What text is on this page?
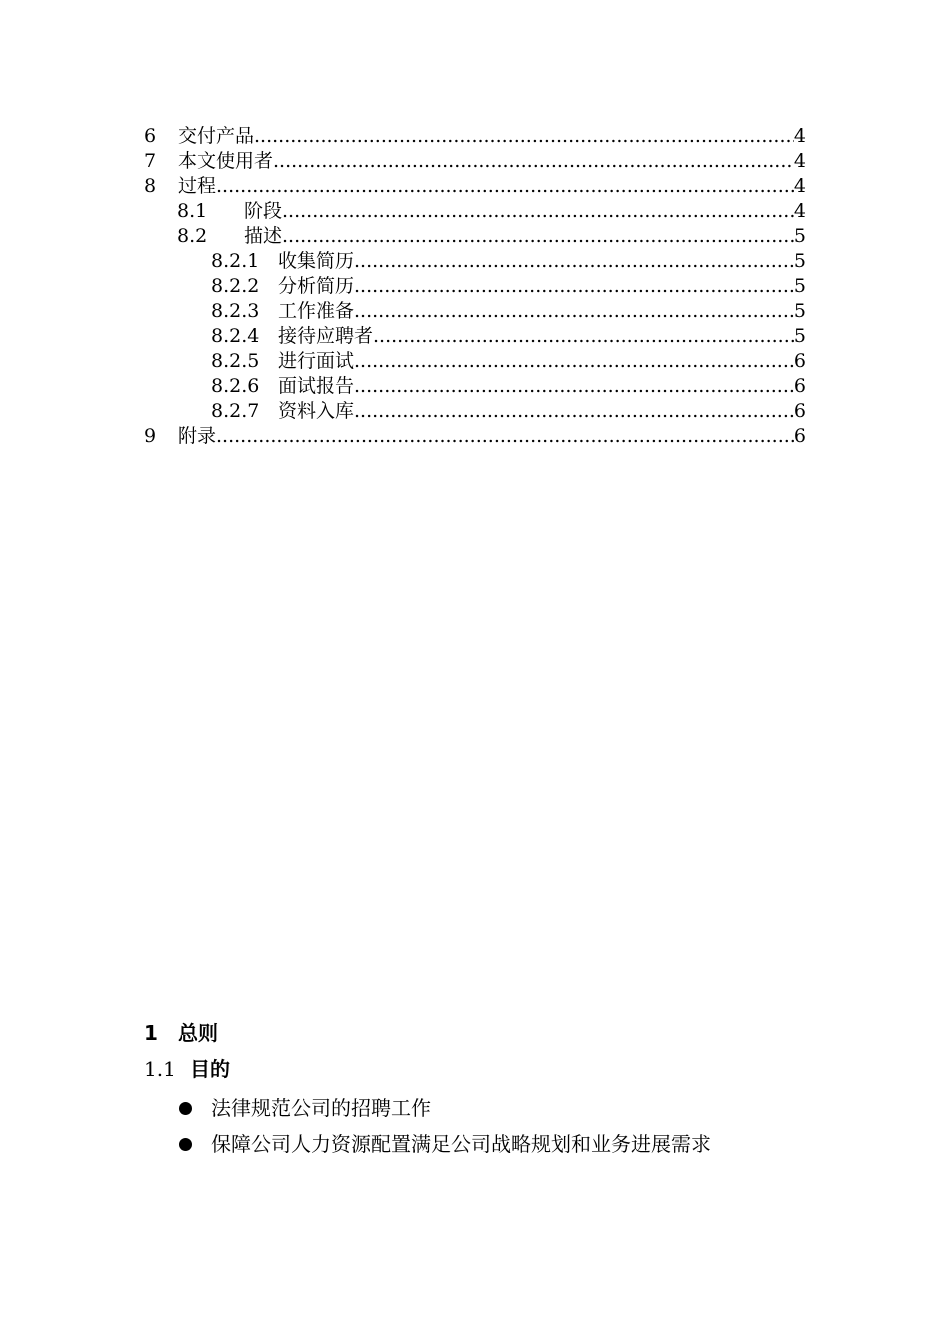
6	交付产品 .....	4
7	本文使用者 .....	4
8	过程 .....	4
8.1	阶段 .....	4
8.2	描述 .....	5
8.2.1 收集简历 .....	5
8.2.2 分析简历 .....	5
8.2.3 工作准备 .....	5
8.2.4 接待应聘者 .....	5
8.2.5 进行面试 .....	6
8.2.6 面试报告 .....	6
8.2.7 资料入库 .....	6
9	附录 .....	6
1	总则
1.1 目的
法律规范公司的招聘工作
保障公司人力资源配置满足公司战略规划和业务进展需求
